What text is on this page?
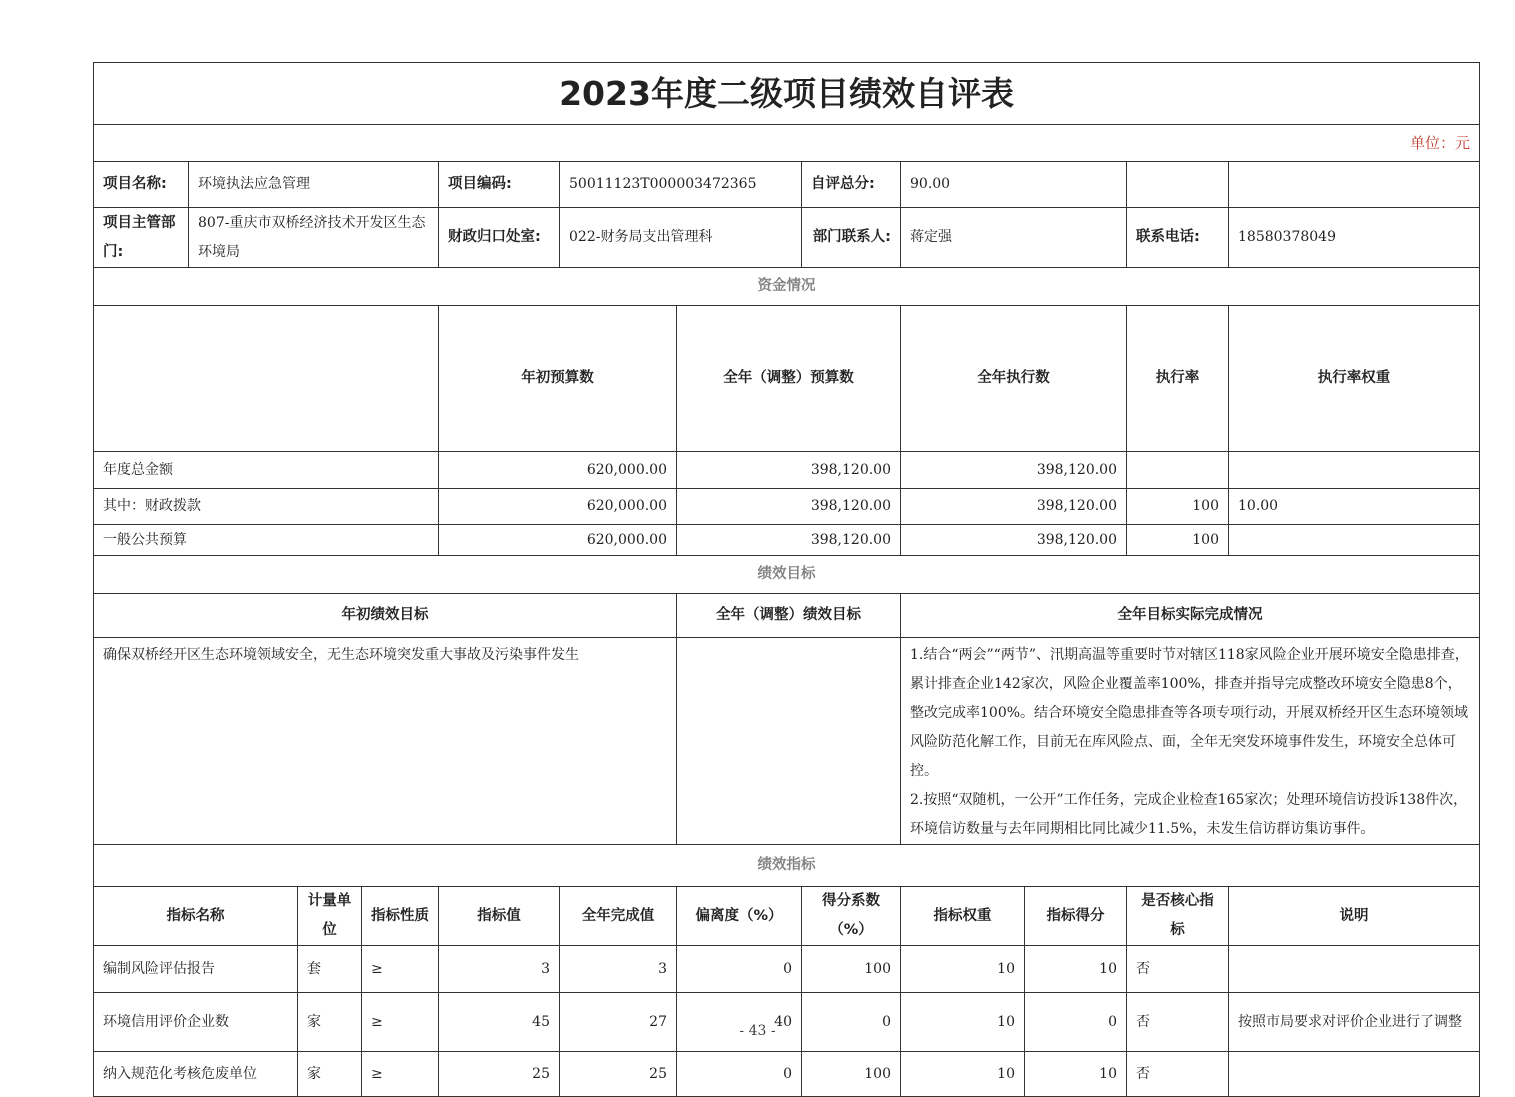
2023年度二级项目绩效自评表												
单位：元												
项目名称:	环境执法应急管理			项目编码:	50011123T000003472365		自评总分:	90.00				
项目主管部门:	807-重庆市双桥经济技术开发区生态环境局			财政归口处室:	022-财务局支出管理科		部门联系人:	蒋定强		联系电话:	18580378049	
资金情况												
				年初预算数		全年（调整）预算数		全年执行数		执行率	执行率权重	
年度总金额				620,000.00		398,120.00		398,120.00				
其中：财政拨款				620,000.00		398,120.00		398,120.00		100	10.00	
一般公共预算				620,000.00		398,120.00		398,120.00		100		
绩效目标												
年初绩效目标						全年（调整）绩效目标		全年目标实际完成情况				
确保双桥经开区生态环境领域安全，无生态环境突发重大事故及污染事件发生								1.结合“两会”“两节”、汛期高温等重要时节对辖区118家风险企业开展环境安全隐患排查，累计排查企业142家次，风险企业覆盖率100%，排查并指导完成整改环境安全隐患8个，整改完成率100%。结合环境安全隐患排查等各项专项行动，开展双桥经开区生态环境领域风险防范化解工作，目前无在库风险点、面，全年无突发环境事件发生，环境安全总体可控。
2.按照“双随机，一公开”工作任务，完成企业检查165家次；处理环境信访投诉138件次，环境信访数量与去年同期相比同比减少11.5%，未发生信访群访集访事件。				

绩效指标												
指标名称		计量单位	指标性质	指标值	全年完成值	偏离度（%）	得分系数（%）	指标权重	指标得分	是否核心指标	说明	
编制风险评估报告		套	≥	3	3	0	100	10	10	否		
环境信用评价企业数		家	≥	45	27	40	0	10	0	否	按照市局要求对评价企业进行了调整	
纳入规范化考核危废单位		家	≥	25	25	0	100	10	10	否		
- 43 -
